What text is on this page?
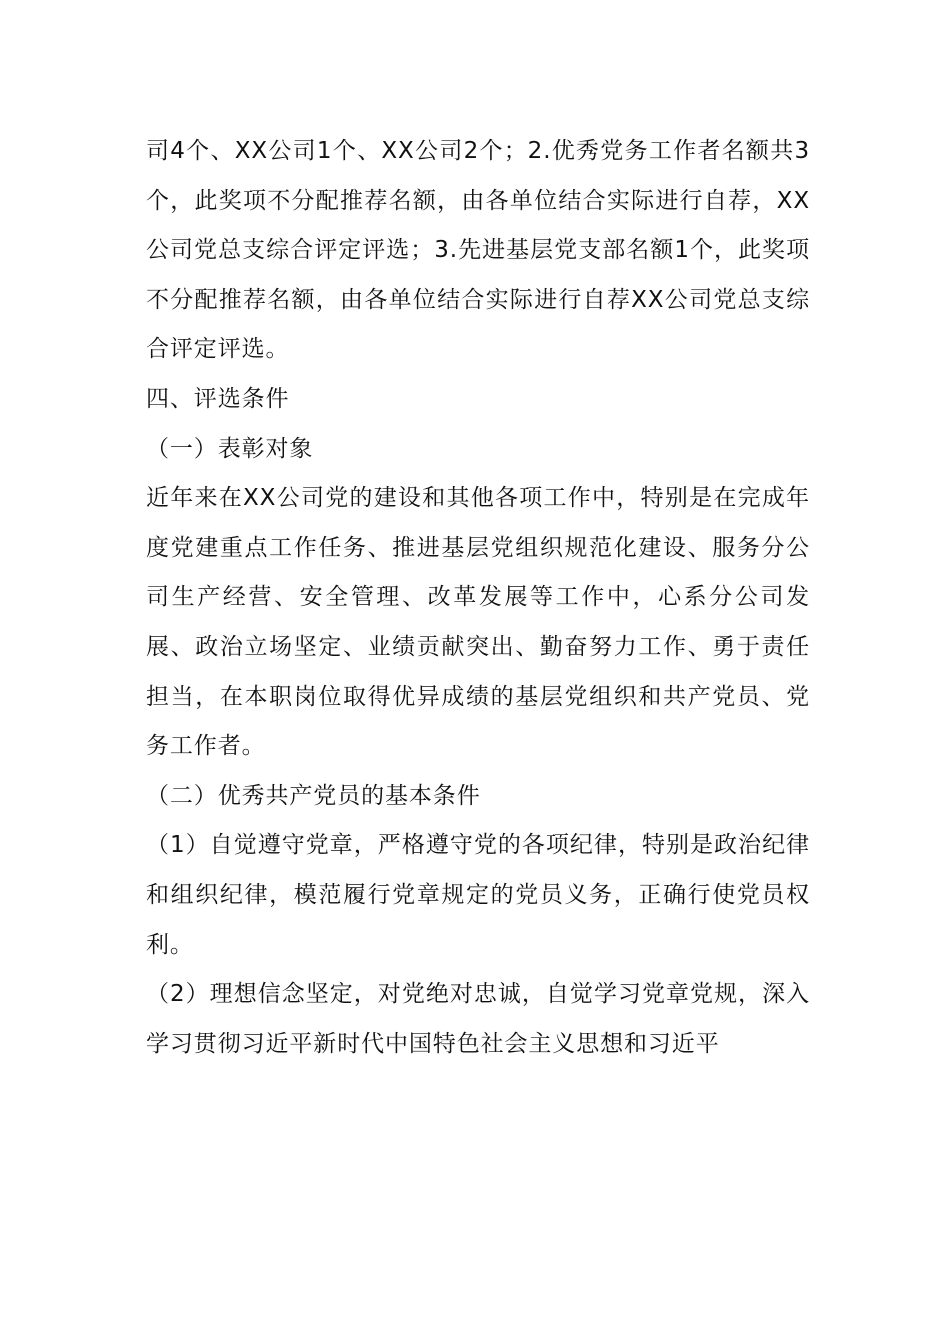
司4个、XX公司1个、XX公司2个；2.优秀党务工作者名额共3个，此奖项不分配推荐名额，由各单位结合实际进行自荐，XX公司党总支综合评定评选；3.先进基层党支部名额1个，此奖项不分配推荐名额，由各单位结合实际进行自荐XX公司党总支综合评定评选。

四、评选条件

（一）表彰对象

近年来在XX公司党的建设和其他各项工作中，特别是在完成年度党建重点工作任务、推进基层党组织规范化建设、服务分公司生产经营、安全管理、改革发展等工作中，心系分公司发展、政治立场坚定、业绩贡献突出、勤奋努力工作、勇于责任担当，在本职岗位取得优异成绩的基层党组织和共产党员、党务工作者。

（二）优秀共产党员的基本条件

（1）自觉遵守党章，严格遵守党的各项纪律，特别是政治纪律和组织纪律，模范履行党章规定的党员义务，正确行使党员权利。

（2）理想信念坚定，对党绝对忠诚，自觉学习党章党规，深入学习贯彻习近平新时代中国特色社会主义思想和习近平
